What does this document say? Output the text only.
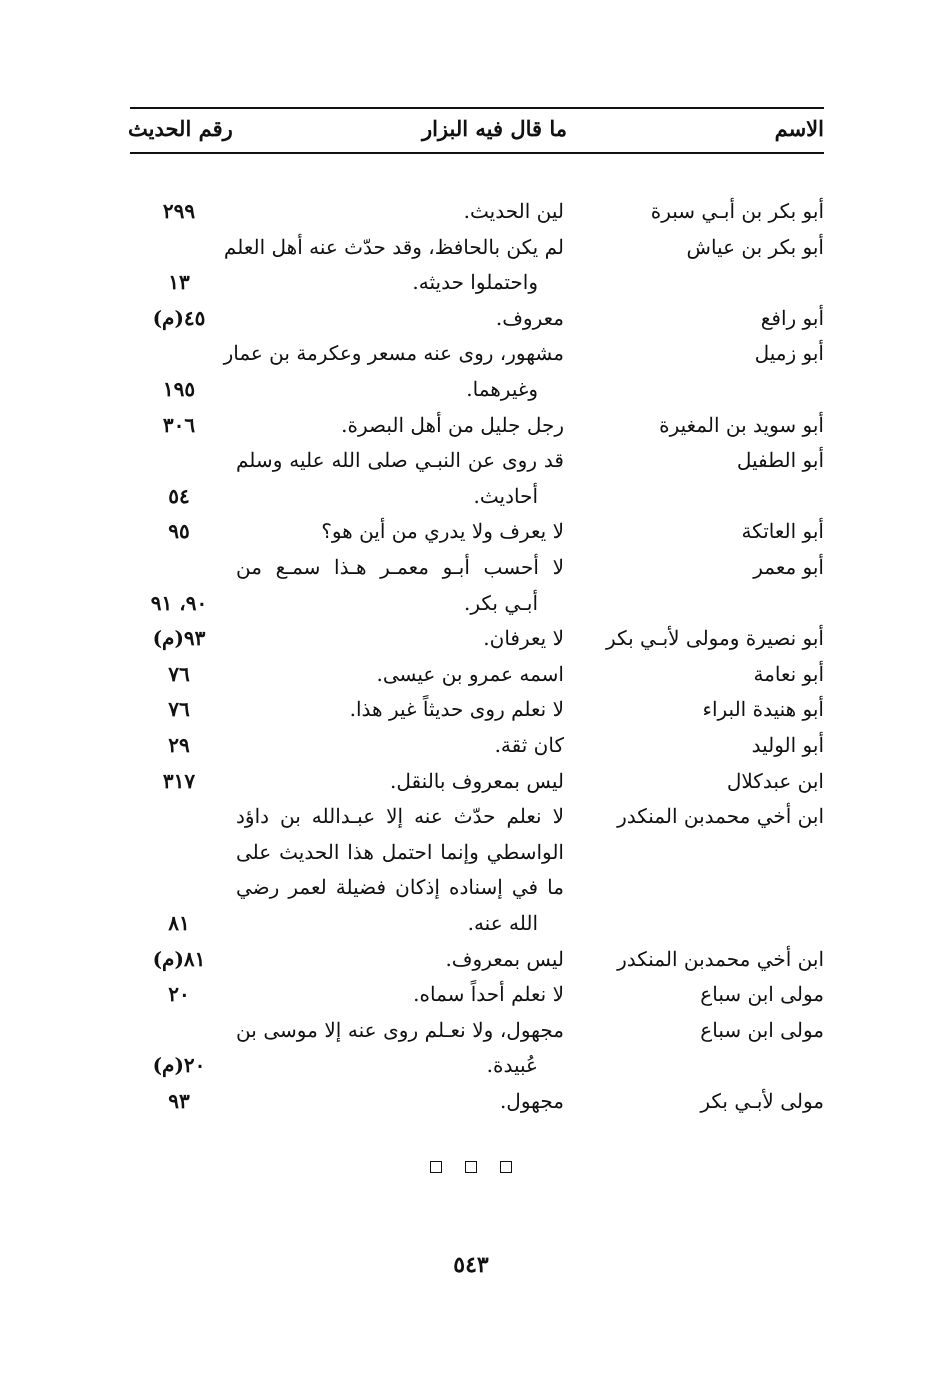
الاسم
ما قال فيه البزار
رقم الحديث
أبو بكر بن أبـي سبرة
لين الحديث.
٢٩٩
أبو بكر بن عياش
لم يكن بالحافظ، وقد حدّث عنه أهل العلم
واحتملوا حديثه.
١٣
أبو رافع
معروف.
٤٥(م)
أبو زميل
مشهور، روى عنه مسعر وعكرمة بن عمار
وغيرهما.
١٩٥
أبو سويد بن المغيرة
رجل جليل من أهل البصرة.
٣٠٦
أبو الطفيل
قد روى عن النبـي صلى الله عليه وسلم
أحاديث.
٥٤
أبو العاتكة
لا يعرف ولا يدري من أين هو؟
٩٥
أبو معمر
لا أحسب أبـو معمـر هـذا سمـع من
أبـي بكر.
٩٠، ٩١
أبو نصيرة ومولى لأبـي بكر
لا يعرفان.
٩٣(م)
أبو نعامة
اسمه عمرو بن عيسى.
٧٦
أبو هنيدة البراء
لا نعلم روى حديثاً غير هذا.
٧٦
أبو الوليد
كان ثقة.
٢٩
ابن عبدكلال
ليس بمعروف بالنقل.
٣١٧
ابن أخي محمدبن المنكدر
لا نعلم حدّث عنه إلا عبـدالله بن داؤد
الواسطي وإنما احتمل هذا الحديث على
ما في إسناده إذكان فضيلة لعمر رضي
الله عنه.
٨١
ابن أخي محمدبن المنكدر
ليس بمعروف.
٨١(م)
مولى ابن سباع
لا نعلم أحداً سماه.
٢٠
مولى ابن سباع
مجهول، ولا نعـلم روى عنه إلا موسى بن
عُبيدة.
٢٠(م)
مولى لأبـي بكر
مجهول.
٩٣
٥٤٣
